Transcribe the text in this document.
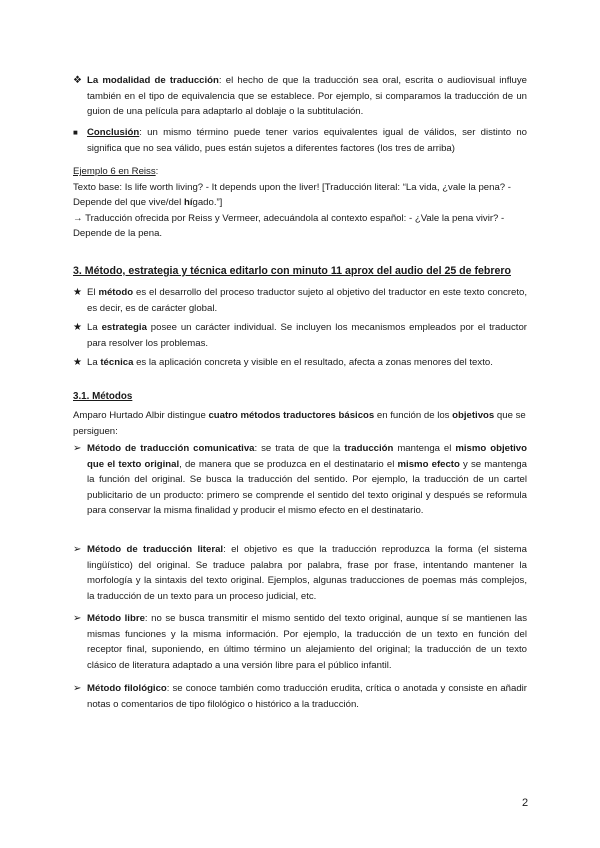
❖ La modalidad de traducción: el hecho de que la traducción sea oral, escrita o audiovisual influye también en el tipo de equivalencia que se establece. Por ejemplo, si comparamos la traducción de un guion de una película para adaptarlo al doblaje o la subtitulación.
■ Conclusión: un mismo término puede tener varios equivalentes igual de válidos, ser distinto no significa que no sea válido, pues están sujetos a diferentes factores (los tres de arriba)
Ejemplo 6 en Reiss:
Texto base: Is life worth living? - It depends upon the liver! [Traducción literal: “La vida, ¿vale la pena? - Depende del que vive/del hígado.”]
→ Traducción ofrecida por Reiss y Vermeer, adecuándola al contexto español: - ¿Vale la pena vivir? - Depende de la pena.
3. Método, estrategia y técnica editarlo con minuto 11 aprox del audio del 25 de febrero
★ El método es el desarrollo del proceso traductor sujeto al objetivo del traductor en este texto concreto, es decir, es de carácter global.
★ La estrategia posee un carácter individual. Se incluyen los mecanismos empleados por el traductor para resolver los problemas.
★ La técnica es la aplicación concreta y visible en el resultado, afecta a zonas menores del texto.
3.1. Métodos
Amparo Hurtado Albir distingue cuatro métodos traductores básicos en función de los objetivos que se persiguen:
➢ Método de traducción comunicativa: se trata de que la traducción mantenga el mismo objetivo que el texto original, de manera que se produzca en el destinatario el mismo efecto y se mantenga la función del original. Se busca la traducción del sentido. Por ejemplo, la traducción de un cartel publicitario de un producto: primero se comprende el sentido del texto original y después se reformula para conservar la misma finalidad y producir el mismo efecto en el destinatario.
➢ Método de traducción literal: el objetivo es que la traducción reproduzca la forma (el sistema lingüístico) del original. Se traduce palabra por palabra, frase por frase, intentando mantener la morfología y la sintaxis del texto original. Ejemplos, algunas traducciones de poemas más complejos, la traducción de un texto para un proceso judicial, etc.
➢ Método libre: no se busca transmitir el mismo sentido del texto original, aunque sí se mantienen las mismas funciones y la misma información. Por ejemplo, la traducción de un texto en función del receptor final, suponiendo, en último término un alejamiento del original; la traducción de un texto clásico de literatura adaptado a una versión libre para el público infantil.
➢ Método filológico: se conoce también como traducción erudita, crítica o anotada y consiste en añadir notas o comentarios de tipo filológico o histórico a la traducción.
2
